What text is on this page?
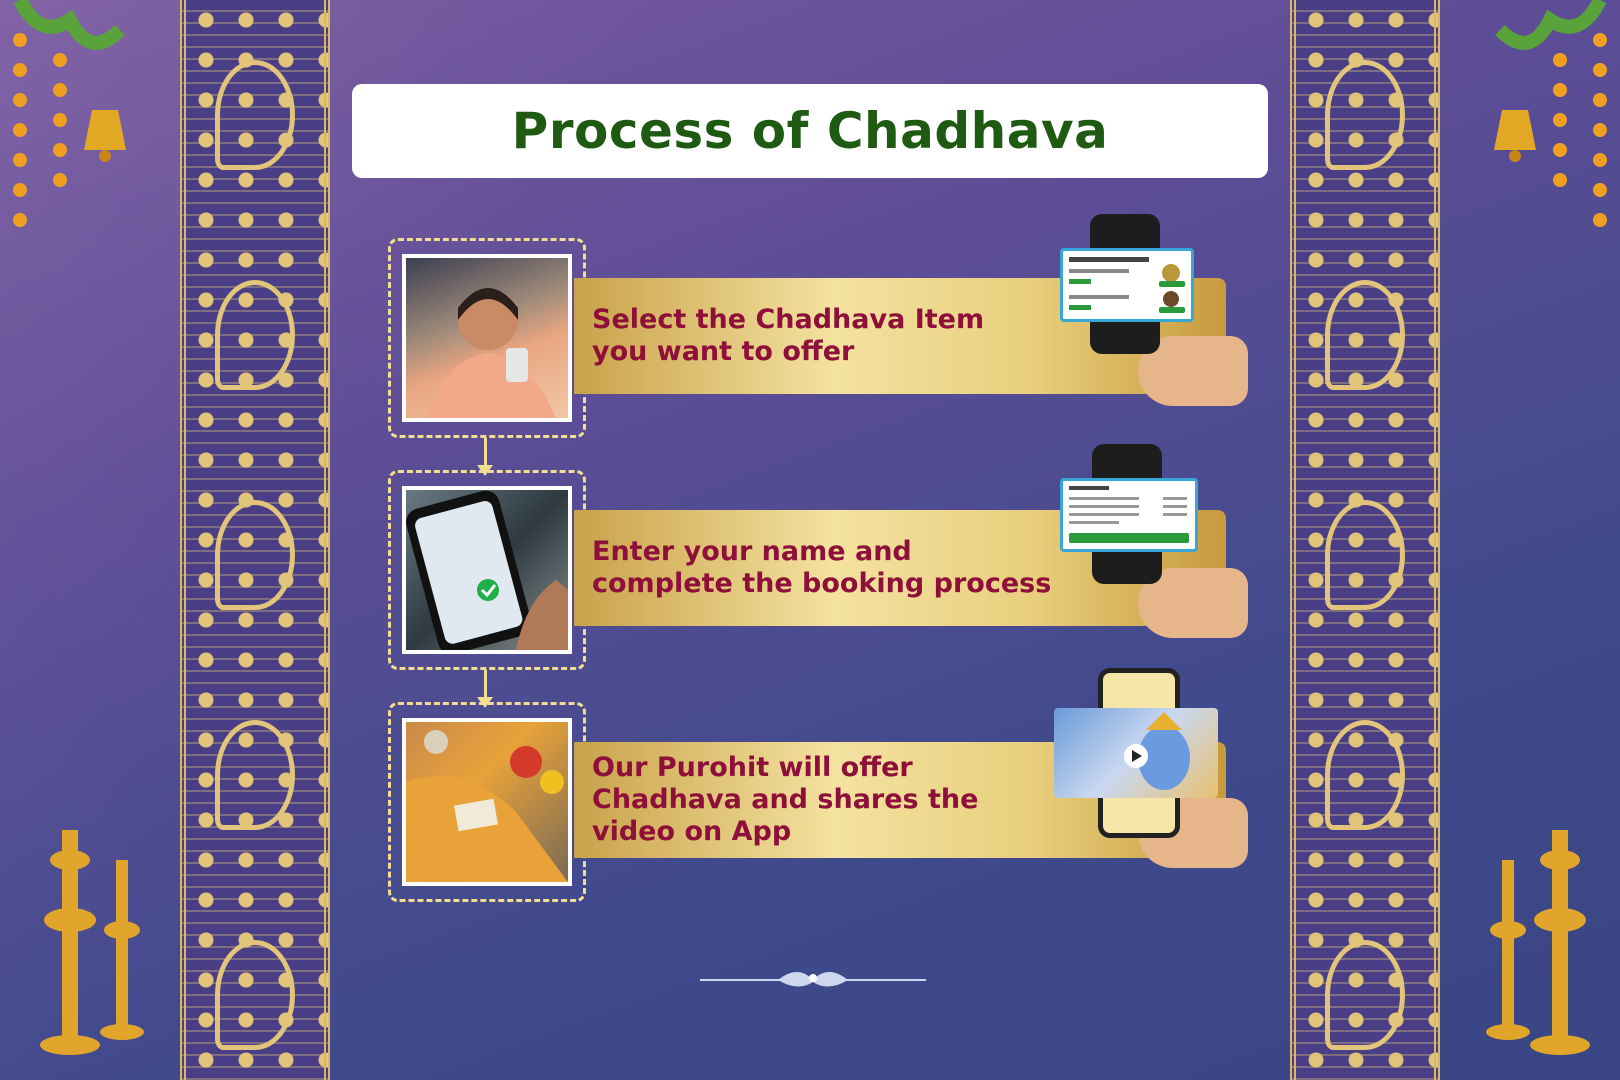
Process of Chadhava
Select the Chadhava Item
you want to offer
Enter your name and
complete the booking process
Our Purohit will offer
Chadhava and shares the
video on App
